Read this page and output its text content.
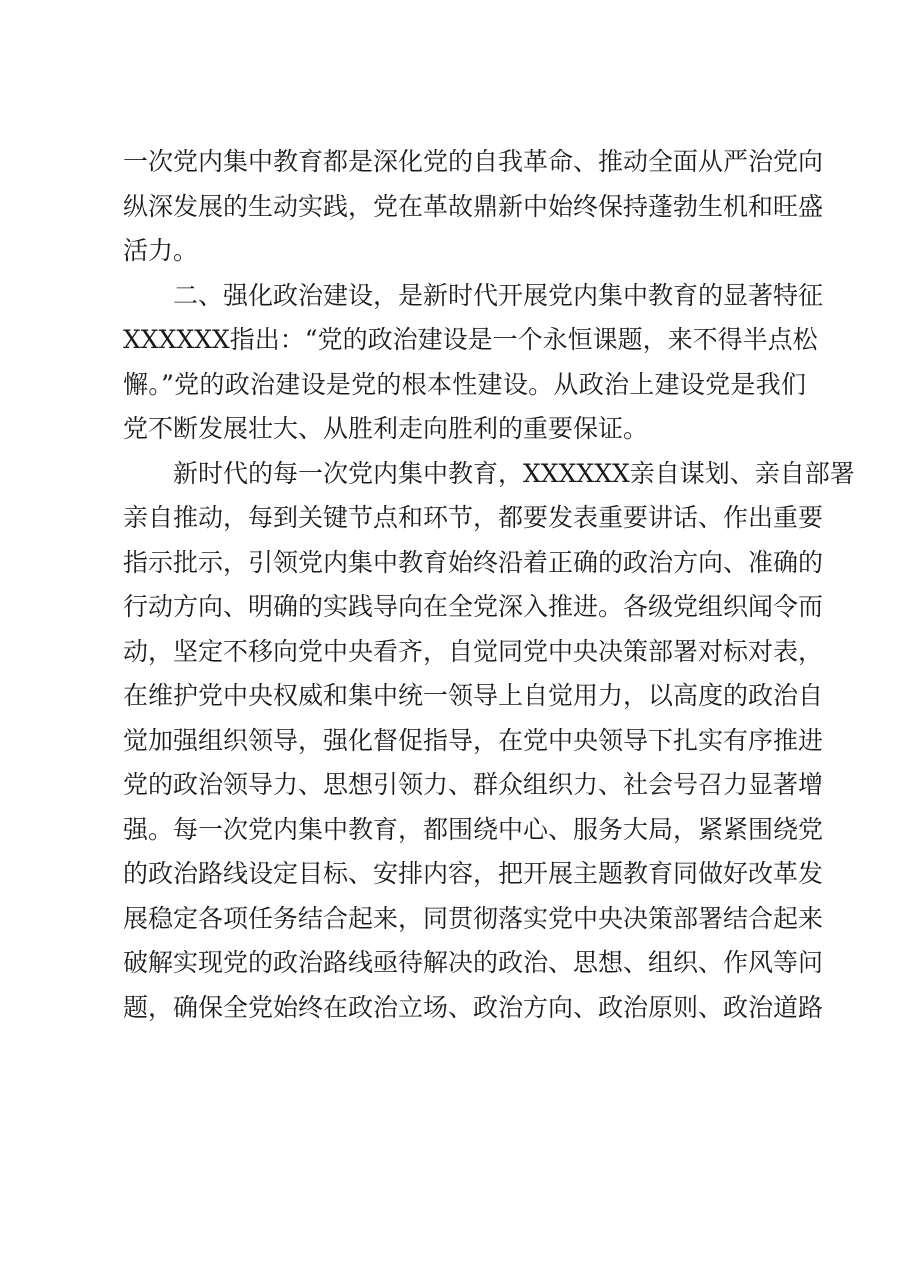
一次党内集中教育都是深化党的自我革命、推动全面从严治党向
纵深发展的生动实践，党在革故鼎新中始终保持蓬勃生机和旺盛
活力。
　　二、强化政治建设，是新时代开展党内集中教育的显著特征
XXXXXX指出：“党的政治建设是一个永恒课题，来不得半点松
懈。”党的政治建设是党的根本性建设。从政治上建设党是我们
党不断发展壮大、从胜利走向胜利的重要保证。
　　新时代的每一次党内集中教育，XXXXXX亲自谋划、亲自部署
亲自推动，每到关键节点和环节，都要发表重要讲话、作出重要
指示批示，引领党内集中教育始终沿着正确的政治方向、准确的
行动方向、明确的实践导向在全党深入推进。各级党组织闻令而
动，坚定不移向党中央看齐，自觉同党中央决策部署对标对表，
在维护党中央权威和集中统一领导上自觉用力，以高度的政治自
觉加强组织领导，强化督促指导，在党中央领导下扎实有序推进
党的政治领导力、思想引领力、群众组织力、社会号召力显著增
强。每一次党内集中教育，都围绕中心、服务大局，紧紧围绕党
的政治路线设定目标、安排内容，把开展主题教育同做好改革发
展稳定各项任务结合起来，同贯彻落实党中央决策部署结合起来
破解实现党的政治路线亟待解决的政治、思想、组织、作风等问
题，确保全党始终在政治立场、政治方向、政治原则、政治道路
